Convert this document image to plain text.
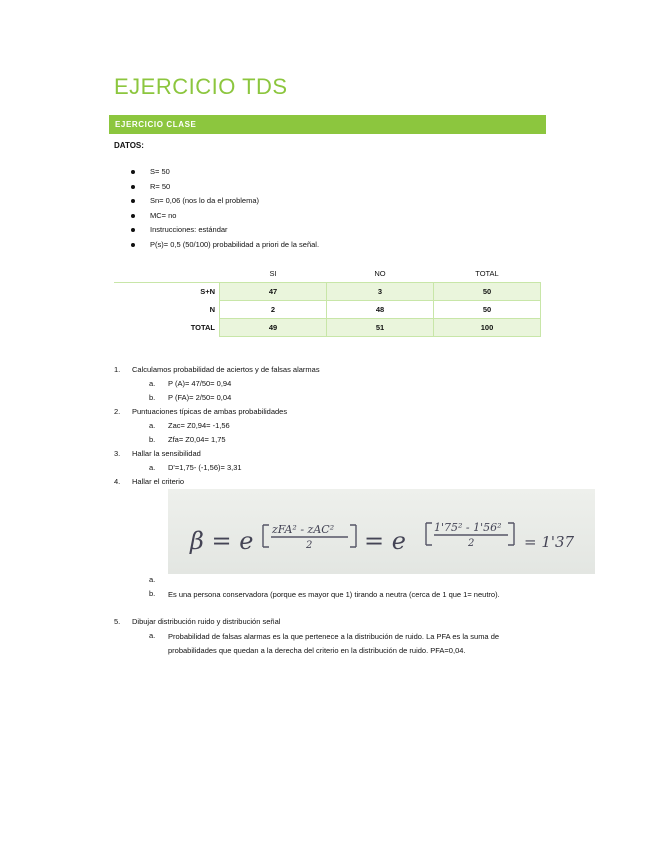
EJERCICIO TDS
EJERCICIO CLASE
DATOS:
S= 50
R= 50
Sn= 0,06 (nos lo da el problema)
MC= no
Instrucciones: estándar
P(s)= 0,5 (50/100) probabilidad a priori de la señal.
	SI	NO	TOTAL
S+N	47	3	50
N	2	48	50
TOTAL	49	51	100
1.	Calculamos probabilidad de aciertos y de falsas alarmas
a. P (A)= 47/50= 0,94
b. P (FA)= 2/50= 0,04
2.	Puntuaciones típicas de ambas probabilidades
a. Zac= Z0,94= -1,56
b. Zfa= Z0,04= 1,75
3.	Hallar la sensibilidad
a. D'=1,75- (-1,56)= 3,31
4.	Hallar el criterio
a.
b. Es una persona conservadora (porque es mayor que 1) tirando a neutra (cerca de 1 que 1= neutro).
5.	Dibujar distribución ruido y distribución señal
a. Probabilidad de falsas alarmas es la que pertenece a la distribución de ruido. La PFA es la suma de probabilidades que quedan a la derecha del criterio en la distribución de ruido. PFA=0,04.
β = e zFA² - zAC²
2 = e	1'75² - 1'56²
2	= 1'37
